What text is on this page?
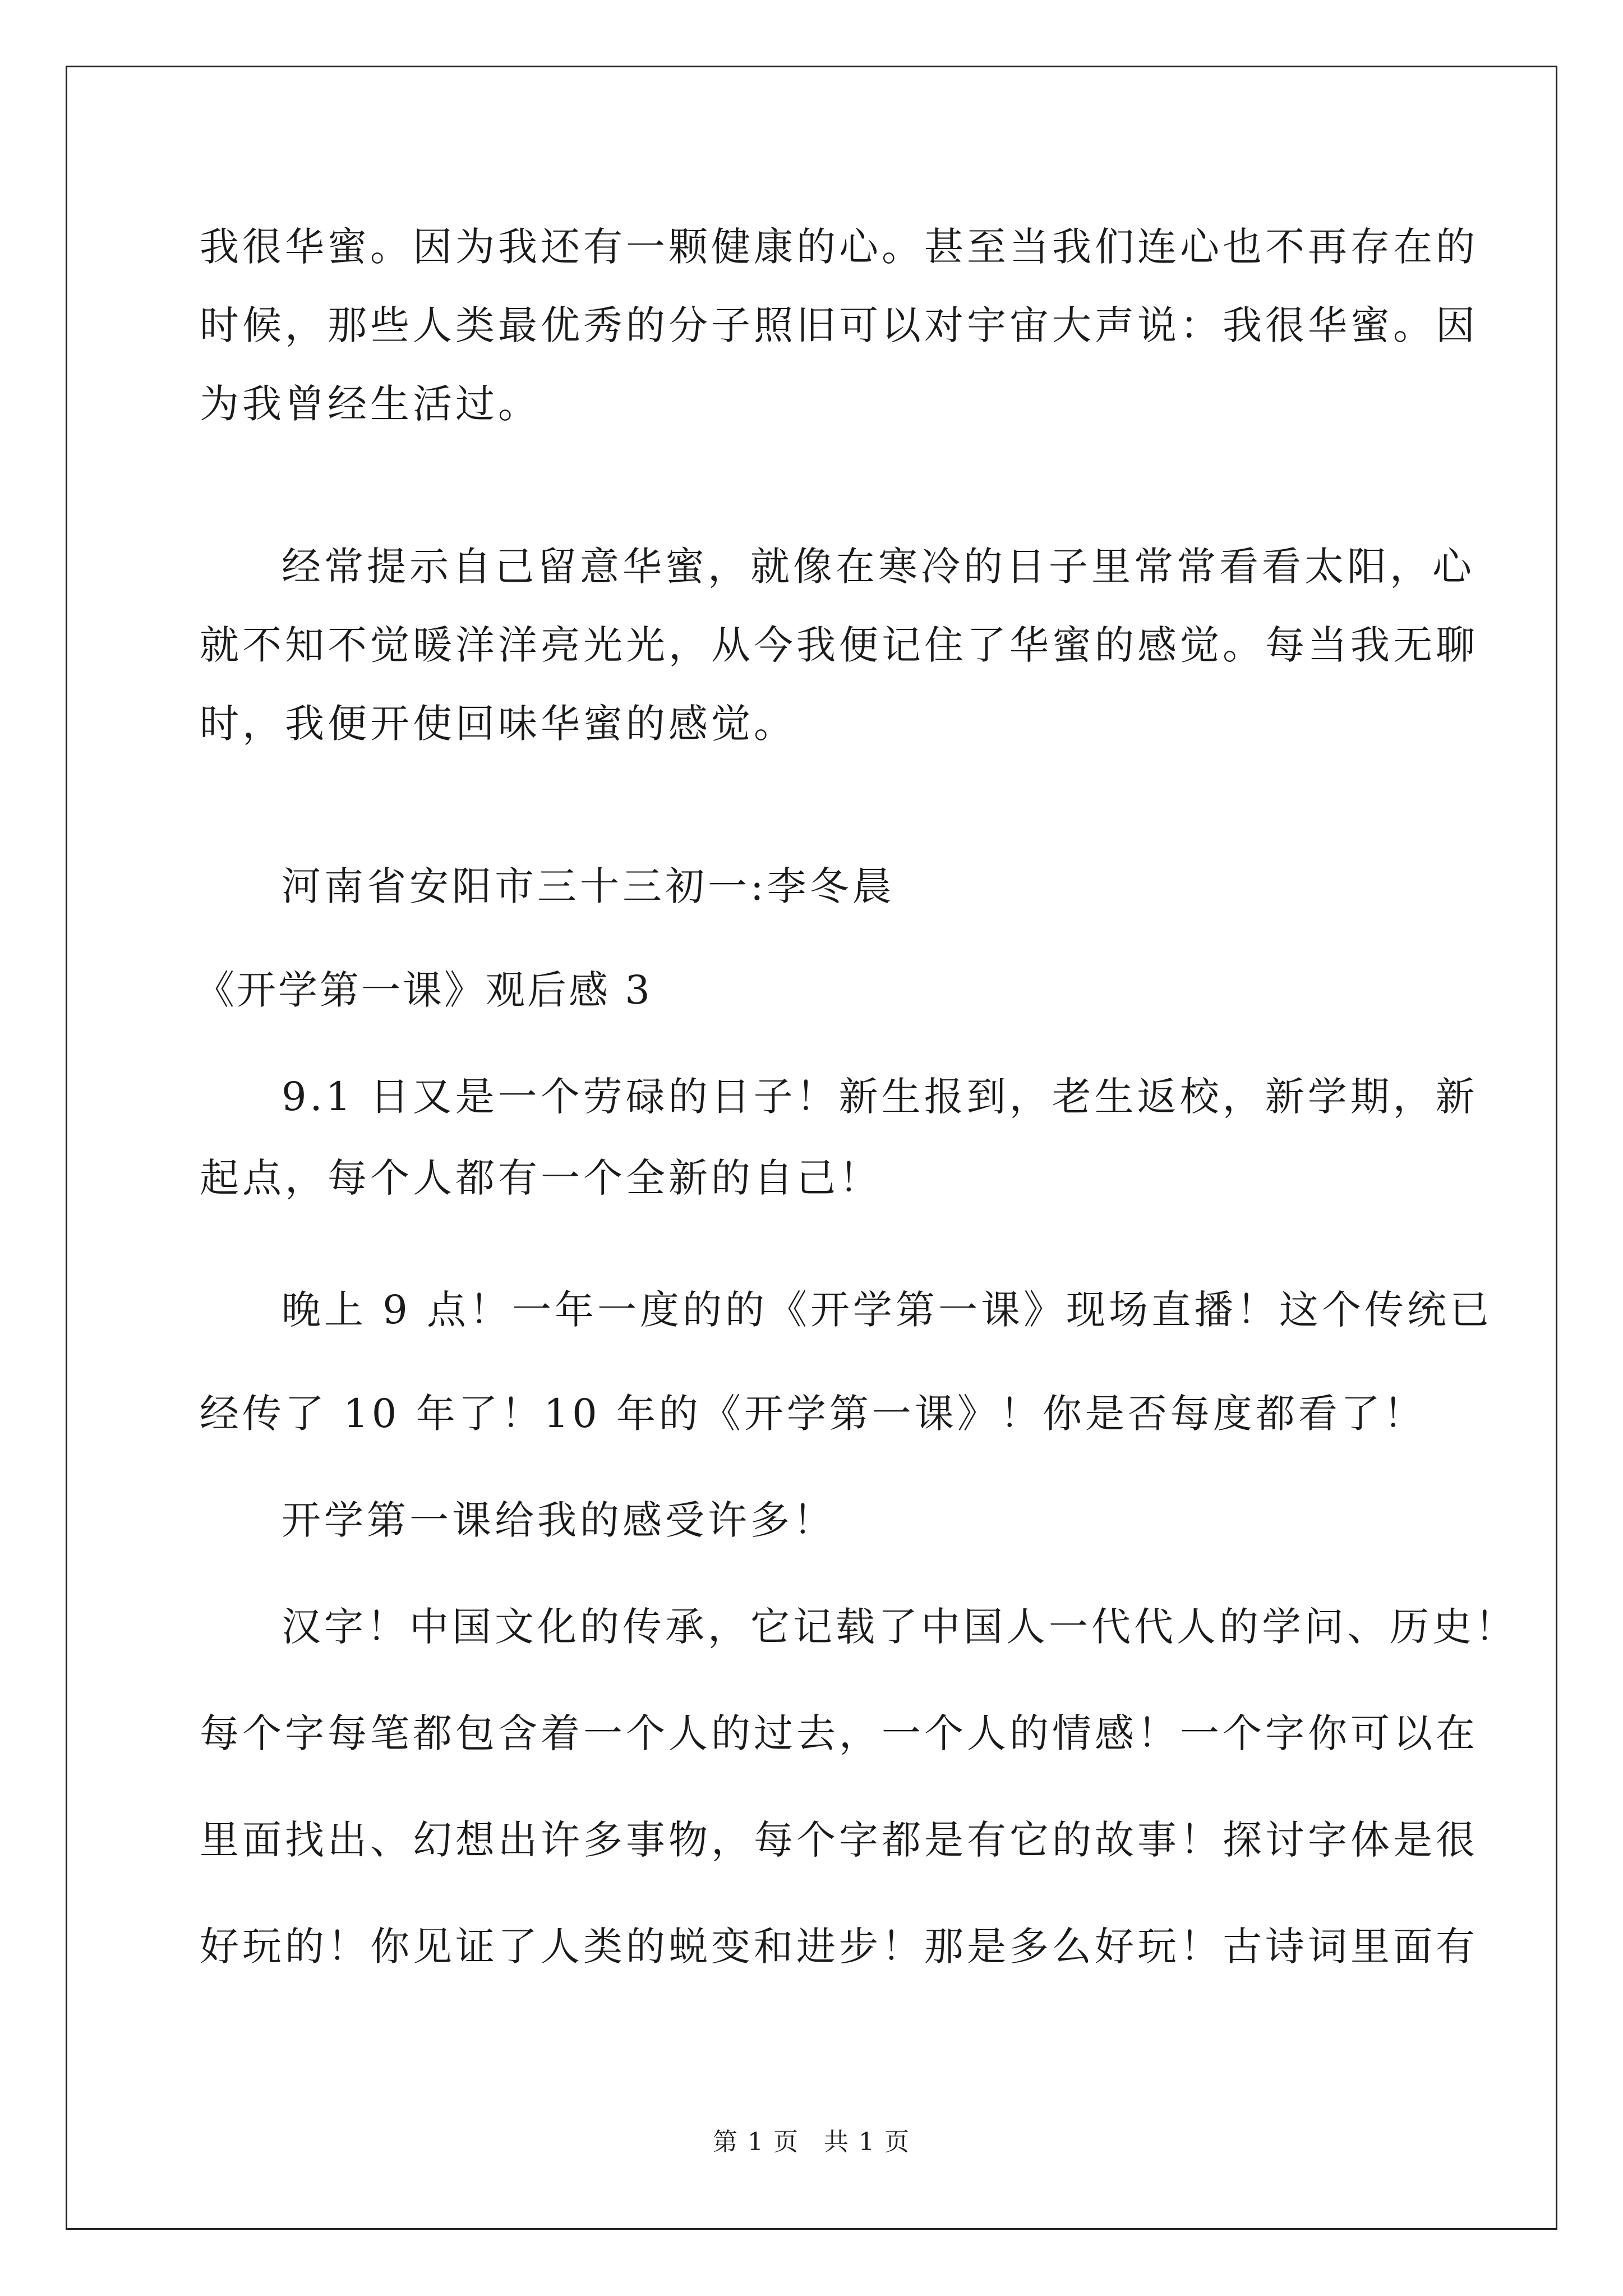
我很华蜜。因为我还有一颗健康的心。甚至当我们连心也不再存在的
时候，那些人类最优秀的分子照旧可以对宇宙大声说：我很华蜜。因
为我曾经生活过。
经常提示自己留意华蜜，就像在寒冷的日子里常常看看太阳，心
就不知不觉暖洋洋亮光光，从今我便记住了华蜜的感觉。每当我无聊
时，我便开使回味华蜜的感觉。
河南省安阳市三十三初一:李冬晨
《开学第一课》观后感 3
9.1 日又是一个劳碌的日子！新生报到，老生返校，新学期，新
起点，每个人都有一个全新的自己！
晚上 9 点！一年一度的的《开学第一课》现场直播！这个传统已
经传了 10 年了！10 年的《开学第一课》！你是否每度都看了！
开学第一课给我的感受许多！
汉字！中国文化的传承，它记载了中国人一代代人的学问、历史！
每个字每笔都包含着一个人的过去，一个人的情感！一个字你可以在
里面找出、幻想出许多事物，每个字都是有它的故事！探讨字体是很
好玩的！你见证了人类的蜕变和进步！那是多么好玩！古诗词里面有
第 1 页 共 1 页
